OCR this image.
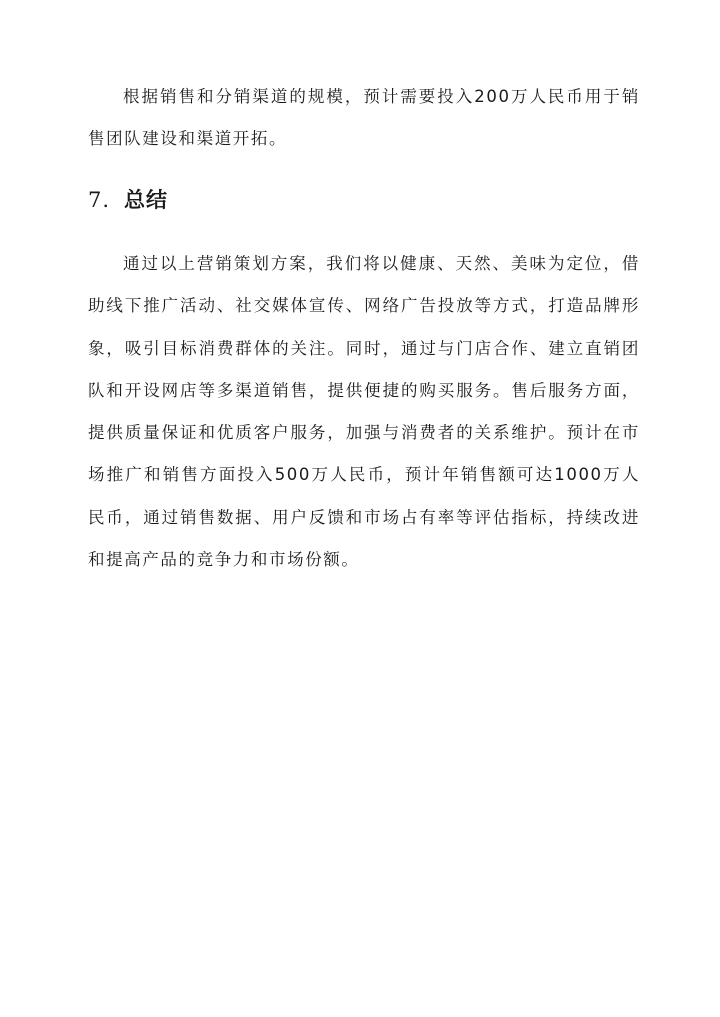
根据销售和分销渠道的规模，预计需要投入200万人民币用于销售团队建设和渠道开拓。

7. 总结

通过以上营销策划方案，我们将以健康、天然、美味为定位，借助线下推广活动、社交媒体宣传、网络广告投放等方式，打造品牌形象，吸引目标消费群体的关注。同时，通过与门店合作、建立直销团队和开设网店等多渠道销售，提供便捷的购买服务。售后服务方面，提供质量保证和优质客户服务，加强与消费者的关系维护。预计在市场推广和销售方面投入500万人民币，预计年销售额可达1000万人民币，通过销售数据、用户反馈和市场占有率等评估指标，持续改进和提高产品的竞争力和市场份额。
